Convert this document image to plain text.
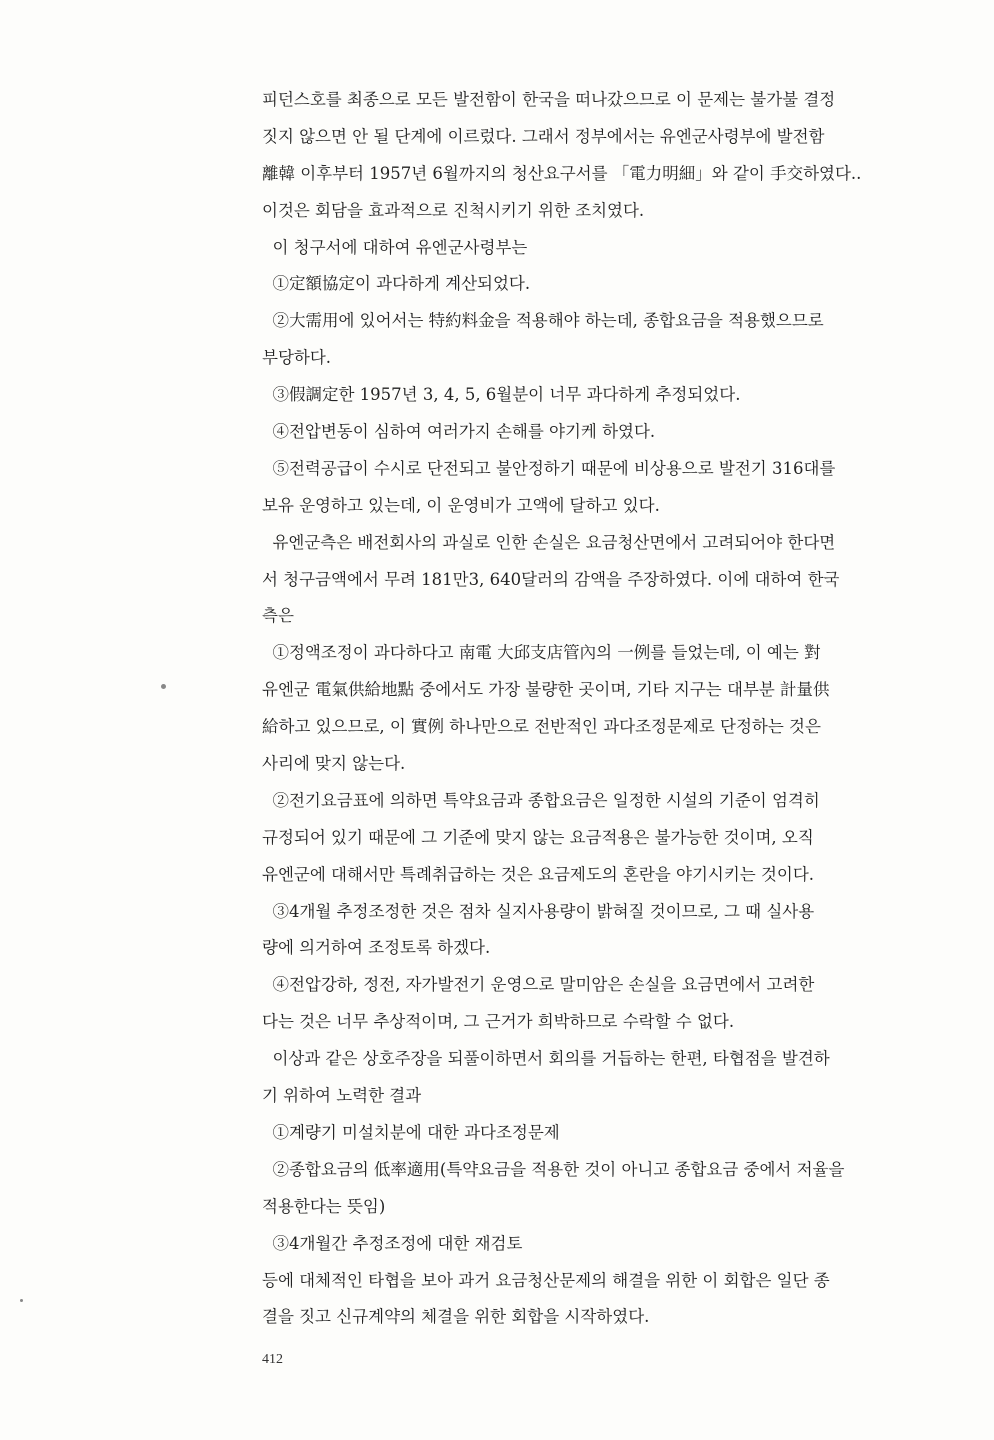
피던스호를 최종으로 모든 발전함이 한국을 떠나갔으므로 이 문제는 불가불 결정
짓지 않으면 안 될 단계에 이르렀다. 그래서 정부에서는 유엔군사령부에 발전함
離韓 이후부터 1957년 6월까지의 청산요구서를 「電力明細」와 같이 手交하였다..
이것은 회담을 효과적으로 진척시키기 위한 조치였다.
이 청구서에 대하여 유엔군사령부는
①定額協定이 과다하게 계산되었다.
②大需用에 있어서는 特約料金을 적용해야 하는데, 종합요금을 적용했으므로
부당하다.
③假調定한 1957년 3, 4, 5, 6월분이 너무 과다하게 추정되었다.
④전압변동이 심하여 여러가지 손해를 야기케 하였다.
⑤전력공급이 수시로 단전되고 불안정하기 때문에 비상용으로 발전기 316대를
보유 운영하고 있는데, 이 운영비가 고액에 달하고 있다.
유엔군측은 배전회사의 과실로 인한 손실은 요금청산면에서 고려되어야 한다면
서 청구금액에서 무려 181만3, 640달러의 감액을 주장하였다. 이에 대하여 한국
측은
①정액조정이 과다하다고 南電 大邱支店管內의 一例를 들었는데, 이 예는 對
유엔군 電氣供給地點 중에서도 가장 불량한 곳이며, 기타 지구는 대부분 計量供
給하고 있으므로, 이 實例 하나만으로 전반적인 과다조정문제로 단정하는 것은
사리에 맞지 않는다.
②전기요금표에 의하면 특약요금과 종합요금은 일정한 시설의 기준이 엄격히
규정되어 있기 때문에 그 기준에 맞지 않는 요금적용은 불가능한 것이며, 오직
유엔군에 대해서만 특례취급하는 것은 요금제도의 혼란을 야기시키는 것이다.
③4개월 추정조정한 것은 점차 실지사용량이 밝혀질 것이므로, 그 때 실사용
량에 의거하여 조정토록 하겠다.
④전압강하, 정전, 자가발전기 운영으로 말미암은 손실을 요금면에서 고려한
다는 것은 너무 추상적이며, 그 근거가 희박하므로 수락할 수 없다.
이상과 같은 상호주장을 되풀이하면서 회의를 거듭하는 한편, 타협점을 발견하
기 위하여 노력한 결과
①계량기 미설치분에 대한 과다조정문제
②종합요금의 低率適用(특약요금을 적용한 것이 아니고 종합요금 중에서 저율을
적용한다는 뜻임)
③4개월간 추정조정에 대한 재검토
등에 대체적인 타협을 보아 과거 요금청산문제의 해결을 위한 이 회합은 일단 종
결을 짓고 신규계약의 체결을 위한 회합을 시작하였다.
412
